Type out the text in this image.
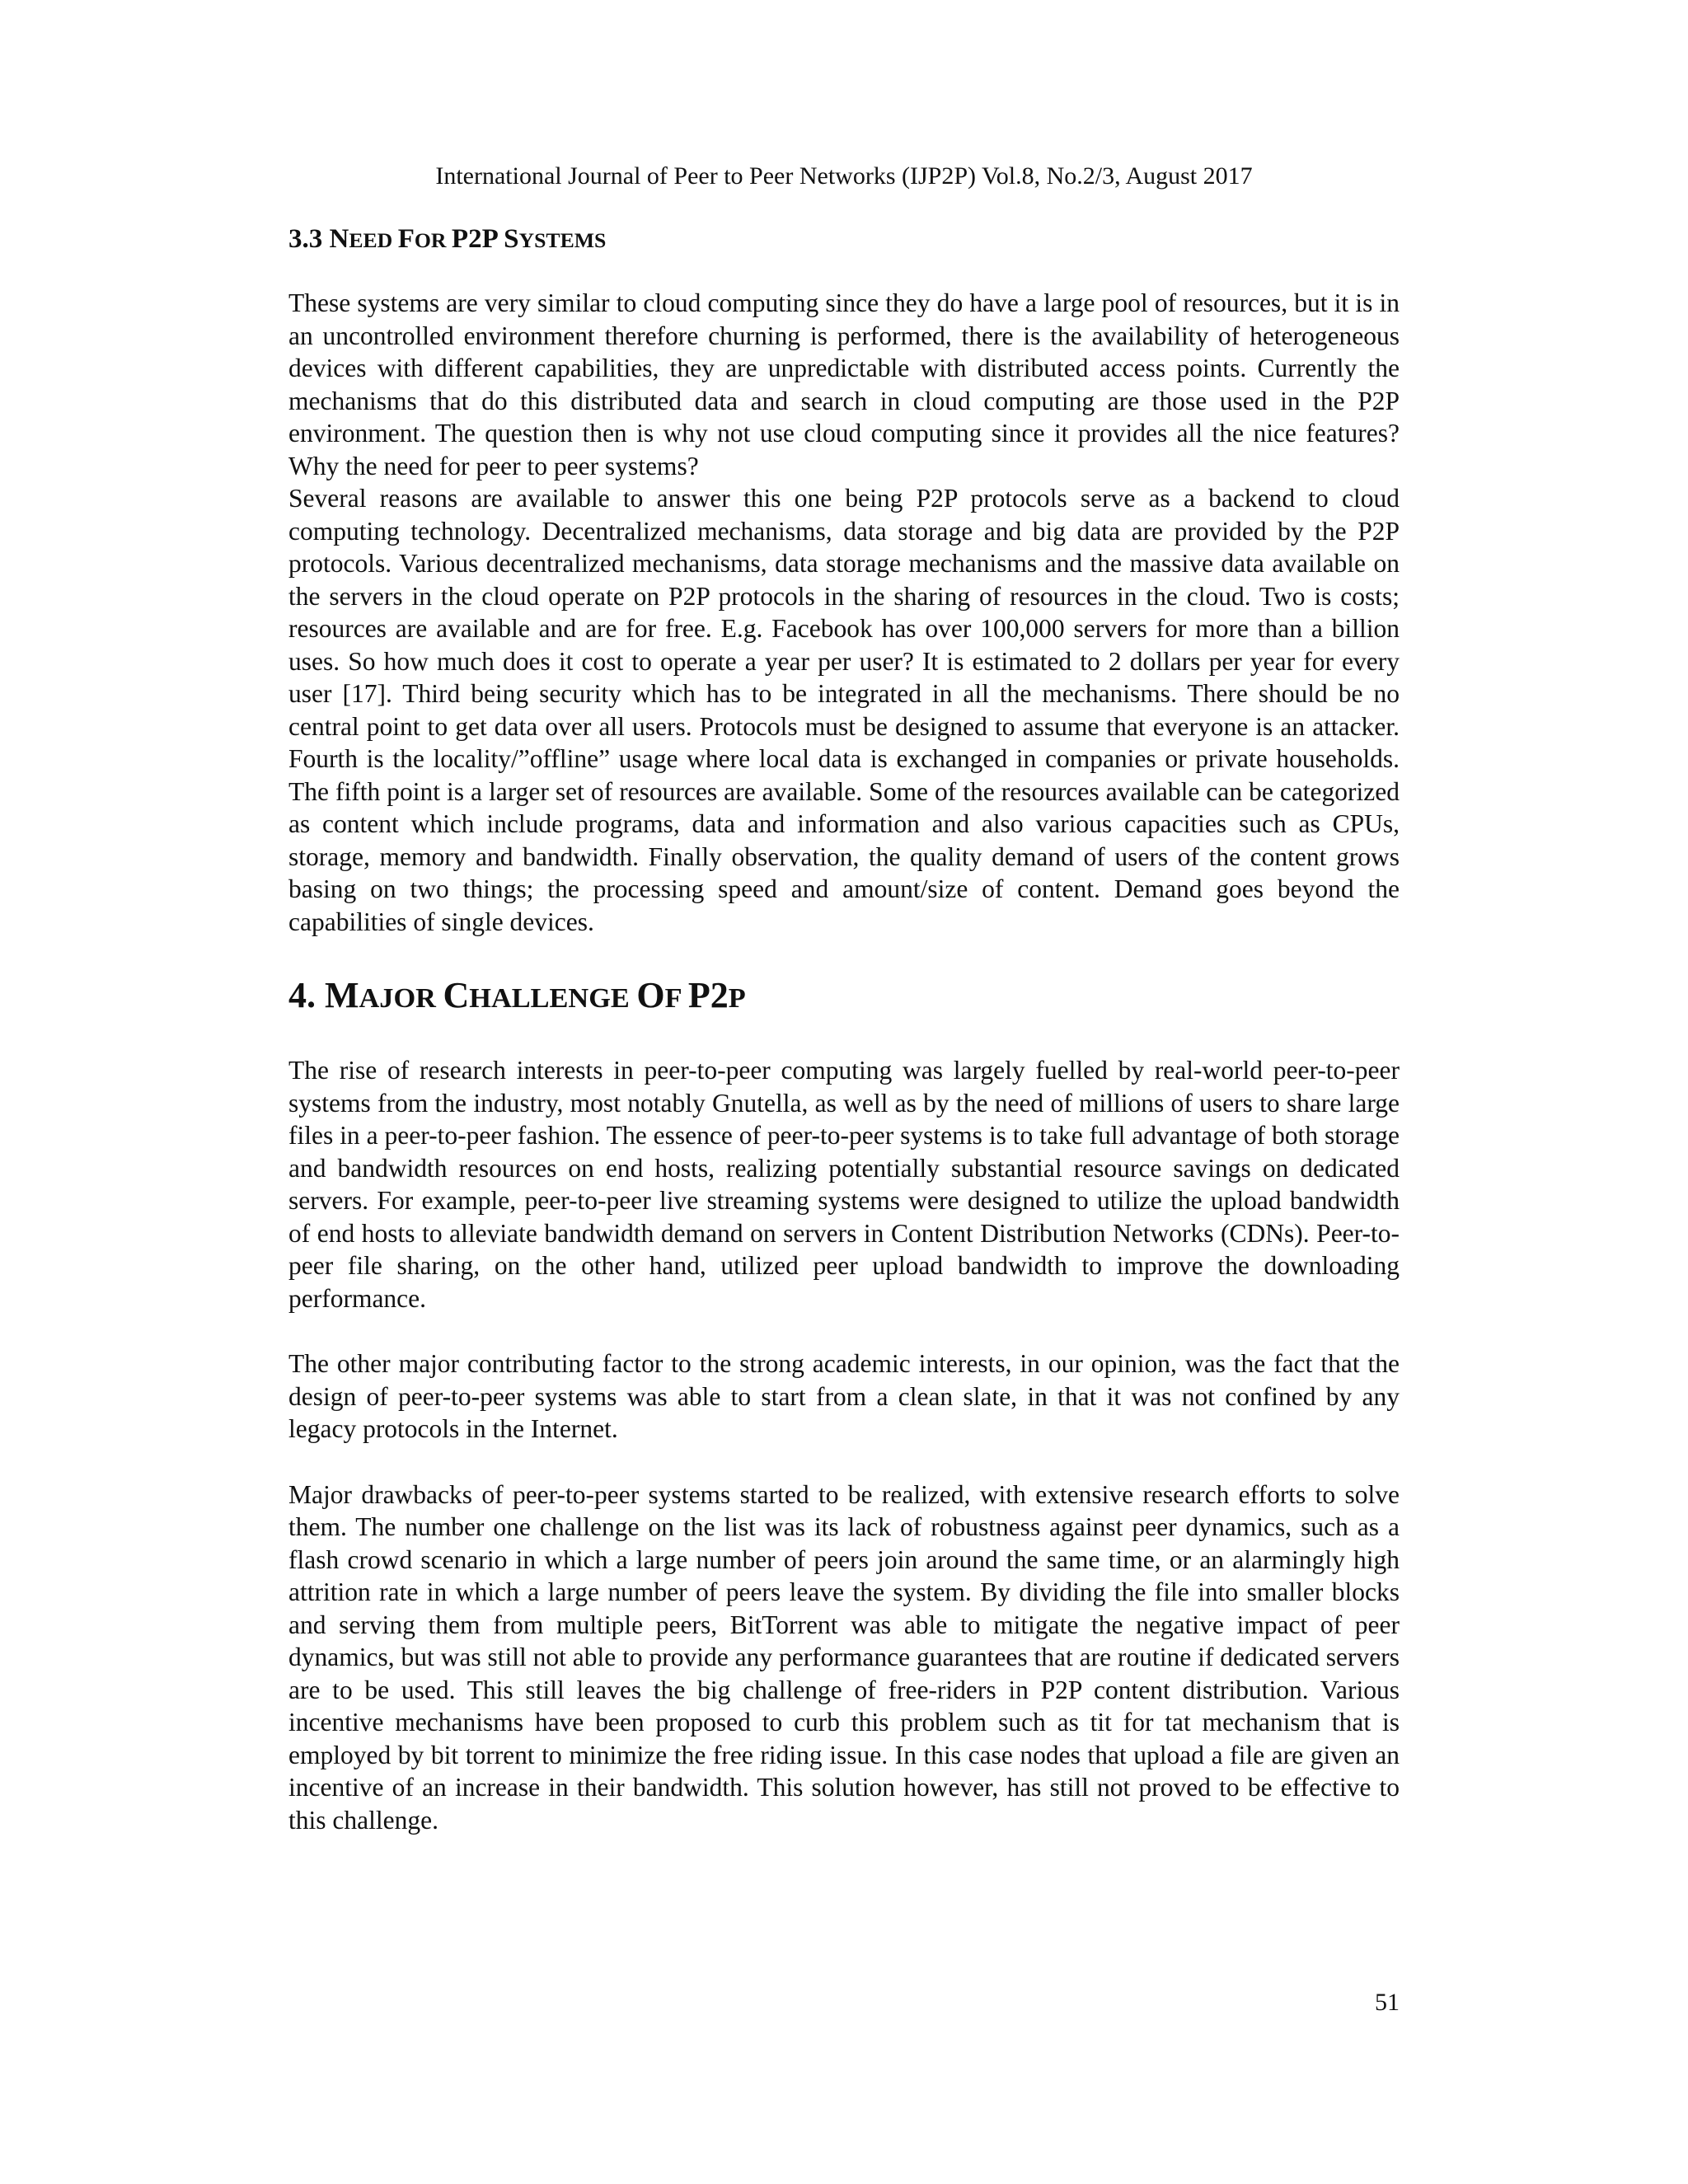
International Journal of Peer to Peer Networks (IJP2P) Vol.8, No.2/3, August 2017
3.3 NEED FOR P2P SYSTEMS

These systems are very similar to cloud computing since they do have a large pool of resources, but it is in an uncontrolled environment therefore churning is performed, there is the availability of heterogeneous devices with different capabilities, they are unpredictable with distributed access points. Currently the mechanisms that do this distributed data and search in cloud computing are those used in the P2P environment. The question then is why not use cloud computing since it provides all the nice features? Why the need for peer to peer systems?

Several reasons are available to answer this one being P2P protocols serve as a backend to cloud computing technology. Decentralized mechanisms, data storage and big data are provided by the P2P protocols. Various decentralized mechanisms, data storage mechanisms and the massive data available on the servers in the cloud operate on P2P protocols in the sharing of resources in the cloud. Two is costs; resources are available and are for free. E.g. Facebook has over 100,000 servers for more than a billion uses. So how much does it cost to operate a year per user? It is estimated to 2 dollars per year for every user [17]. Third being security which has to be integrated in all the mechanisms. There should be no central point to get data over all users. Protocols must be designed to assume that everyone is an attacker. Fourth is the locality/”offline” usage where local data is exchanged in companies or private households. The fifth point is a larger set of resources are available. Some of the resources available can be categorized as content which include programs, data and information and also various capacities such as CPUs, storage, memory and bandwidth. Finally observation, the quality demand of users of the content grows basing on two things; the processing speed and amount/size of content. Demand goes beyond the capabilities of single devices.

4. MAJOR CHALLENGE OF P2P

The rise of research interests in peer-to-peer computing was largely fuelled by real-world peer-to-peer systems from the industry, most notably Gnutella, as well as by the need of millions of users to share large files in a peer-to-peer fashion. The essence of peer-to-peer systems is to take full advantage of both storage and bandwidth resources on end hosts, realizing potentially substantial resource savings on dedicated servers. For example, peer-to-peer live streaming systems were designed to utilize the upload bandwidth of end hosts to alleviate bandwidth demand on servers in Content Distribution Networks (CDNs). Peer-to-peer file sharing, on the other hand, utilized peer upload bandwidth to improve the downloading performance.

The other major contributing factor to the strong academic interests, in our opinion, was the fact that the design of peer-to-peer systems was able to start from a clean slate, in that it was not confined by any legacy protocols in the Internet.

Major drawbacks of peer-to-peer systems started to be realized, with extensive research efforts to solve them. The number one challenge on the list was its lack of robustness against peer dynamics, such as a flash crowd scenario in which a large number of peers join around the same time, or an alarmingly high attrition rate in which a large number of peers leave the system. By dividing the file into smaller blocks and serving them from multiple peers, BitTorrent was able to mitigate the negative impact of peer dynamics, but was still not able to provide any performance guarantees that are routine if dedicated servers are to be used. This still leaves the big challenge of free-riders in P2P content distribution. Various incentive mechanisms have been proposed to curb this problem such as tit for tat mechanism that is employed by bit torrent to minimize the free riding issue. In this case nodes that upload a file are given an incentive of an increase in their bandwidth. This solution however, has still not proved to be effective to this challenge.

51
